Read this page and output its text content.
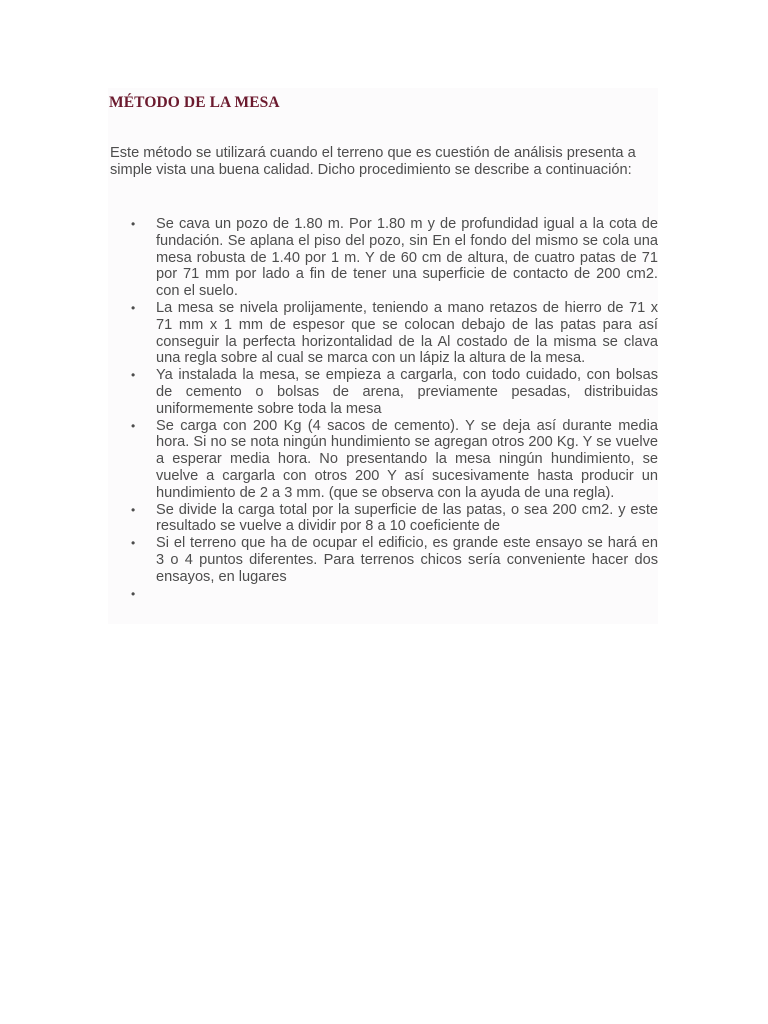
MÉTODO DE LA MESA

Este método se utilizará cuando el terreno que es cuestión de análisis presenta a simple vista una buena calidad. Dicho procedimiento se describe a continuación:

• Se cava un pozo de 1.80 m. Por 1.80 m y de profundidad igual a la cota de fundación. Se aplana el piso del pozo, sin En el fondo del mismo se cola una mesa robusta de 1.40 por 1 m. Y de 60 cm de altura, de cuatro patas de 71 por 71 mm por lado a fin de tener una superficie de contacto de 200 cm2. con el suelo.
• La mesa se nivela prolijamente, teniendo a mano retazos de hierro de 71 x 71 mm x 1 mm de espesor que se colocan debajo de las patas para así conseguir la perfecta horizontalidad de la Al costado de la misma se clava una regla sobre al cual se marca con un lápiz la altura de la mesa.
• Ya instalada la mesa, se empieza a cargarla, con todo cuidado, con bolsas de cemento o bolsas de arena, previamente pesadas, distribuidas uniformemente sobre toda la mesa
• Se carga con 200 Kg (4 sacos de cemento). Y se deja así durante media hora. Si no se nota ningún hundimiento se agregan otros 200 Kg. Y se vuelve a esperar media hora. No presentando la mesa ningún hundimiento, se vuelve a cargarla con otros 200 Y así sucesivamente hasta producir un hundimiento de 2 a 3 mm. (que se observa con la ayuda de una regla).
• Se divide la carga total por la superficie de las patas, o sea 200 cm2. y este resultado se vuelve a dividir por 8 a 10 coeficiente de
• Si el terreno que ha de ocupar el edificio, es grande este ensayo se hará en 3 o 4 puntos diferentes. Para terrenos chicos sería conveniente hacer dos ensayos, en lugares
•
